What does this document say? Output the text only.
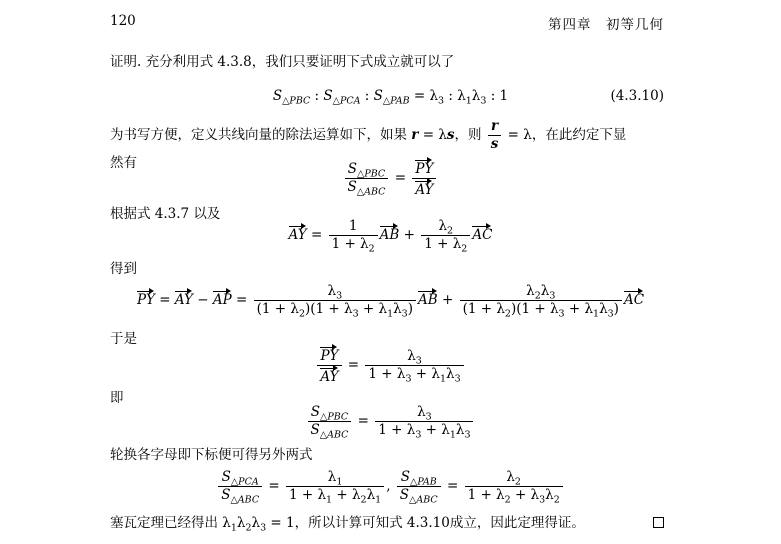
120	第四章　初等几何
证明. 充分利用式 4.3.8，我们只要证明下式成立就可以了
$S_{\triangle PBC}$ : $S_{\triangle PCA}$ : $S_{\triangle PAB} = \lambda_3$ : $\lambda_1\lambda_3$ : 1	(4.3.10)
为书写方便，定义共线向量的除法运算如下，如果 r = λs，则 $\frac{r}{s} = \lambda$，在此约定下显
然有	$\frac{S_{\triangle PBC}}{S_{\triangle ABC}} = \frac{PY}{AY}$
根据式 4.3.7 以及
AY = $\frac{1}{1 + \lambda_2}$ AB + $\frac{\lambda_2}{1 + \lambda_2}$ AC
得到
PY = AY − AP = $\frac{\lambda_3}{(1 + \lambda_2)(1 + \lambda_3 + \lambda_1\lambda_3)}$ AB + $\frac{\lambda_2\lambda_3}{(1 + \lambda_2)(1 + \lambda_3 + \lambda_1\lambda_3)}$ AC
于是
$\frac{PY}{AY} = \frac{\lambda_3}{1 + \lambda_3 + \lambda_1\lambda_3}$
即
$\frac{S_{\triangle PBC}}{S_{\triangle ABC}} = \frac{\lambda_3}{1 + \lambda_3 + \lambda_1\lambda_3}$
轮换各字母即下标便可得另外两式
$\frac{S_{\triangle PCA}}{S_{\triangle ABC}} = \frac{\lambda_1}{1 + \lambda_1 + \lambda_2\lambda_1}$ , $\frac{S_{\triangle PAB}}{S_{\triangle ABC}} = \frac{\lambda_2}{1 + \lambda_2 + \lambda_3\lambda_2}$
塞瓦定理已经得出 $\lambda_1\lambda_2\lambda_3 = 1$，所以计算可知式 4.3.10成立，因此定理得证。
